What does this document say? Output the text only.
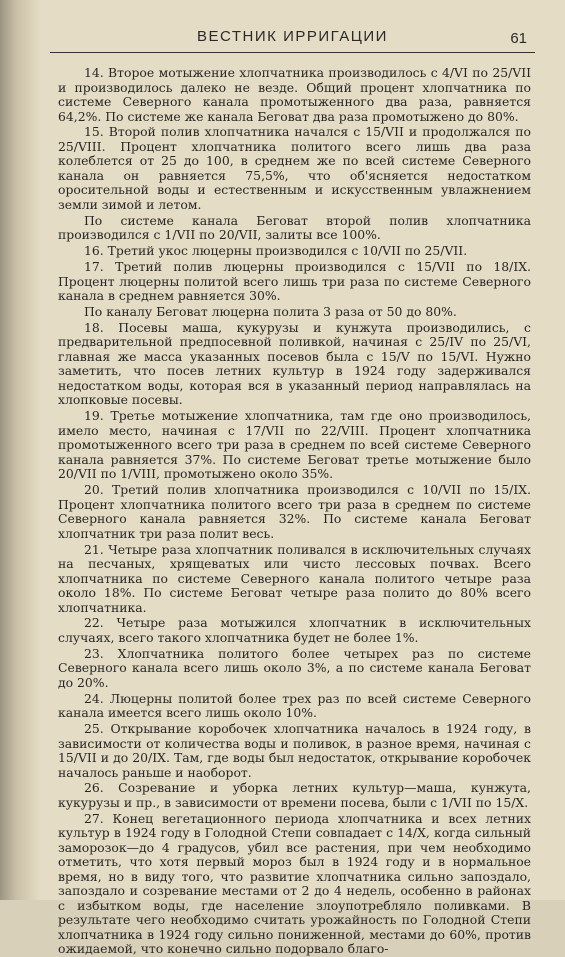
ВЕСТНИК ИРРИГАЦИИ	61

14. Второе мотыжение хлопчатника производилось с 4/VI по 25/VII и производилось далеко не везде. Общий процент хлопчатника по системе Северного канала промотыженного два раза, равняется 64,2%. По системе же канала Беговат два раза промотыжено до 80%.

15. Второй полив хлопчатника начался с 15/VII и продолжался по 25/VIII. Процент хлопчатника политого всего лишь два раза колеблется от 25 до 100, в среднем же по всей системе Северного канала он равняется 75,5%, что об'ясняется недостатком оросительной воды и естественным и искусственным увлажнением земли зимой и летом.

По системе канала Беговат второй полив хлопчатника производился с 1/VII по 20/VII, залиты все 100%.

16. Третий укос люцерны производился с 10/VII по 25/VII.

17. Третий полив люцерны производился с 15/VII по 18/IX. Процент люцерны политой всего лишь три раза по системе Северного канала в среднем равняется 30%.

По каналу Беговат люцерна полита 3 раза от 50 до 80%.

18. Посевы маша, кукурузы и кунжута производились, с предварительной предпосевной поливкой, начиная с 25/IV по 25/VI, главная же масса указанных посевов была с 15/V по 15/VI. Нужно заметить, что посев летних культур в 1924 году задерживался недостатком воды, которая вся в указанный период направлялась на хлопковые посевы.

19. Третье мотыжение хлопчатника, там где оно производилось, имело место, начиная с 17/VII по 22/VIII. Процент хлопчатника промотыженного всего три раза в среднем по всей системе Северного канала равняется 37%. По системе Беговат третье мотыжение было 20/VII по 1/VIII, промотыжено около 35%.

20. Третий полив хлопчатника производился с 10/VII по 15/IX. Процент хлопчатника политого всего три раза в среднем по системе Северного канала равняется 32%. По системе канала Беговат хлопчатник три раза полит весь.

21. Четыре раза хлопчатник поливался в исключительных случаях на песчаных, хрящеватых или чисто лессовых почвах. Всего хлопчатника по системе Северного канала политого четыре раза около 18%. По системе Беговат четыре раза полито до 80% всего хлопчатника.

22. Четыре раза мотыжился хлопчатник в исключительных случаях, всего такого хлопчатника будет не более 1%.

23. Хлопчатника политого более четырех раз по системе Северного канала всего лишь около 3%, а по системе канала Беговат до 20%.

24. Люцерны политой более трех раз по всей системе Северного канала имеется всего лишь около 10%.

25. Открывание коробочек хлопчатника началось в 1924 году, в зависимости от количества воды и поливок, в разное время, начиная с 15/VII и до 20/IX. Там, где воды был недостаток, открывание коробочек началось раньше и наоборот.

26. Созревание и уборка летних культур—маша, кунжута, кукурузы и пр., в зависимости от времени посева, были с 1/VII по 15/X.

27. Конец вегетационного периода хлопчатника и всех летних культур в 1924 году в Голодной Степи совпадает с 14/X, когда сильный заморозок—до 4 градусов, убил все растения, при чем необходимо отметить, что хотя первый мороз был в 1924 году и в нормальное время, но в виду того, что развитие хлопчатника сильно запоздало, запоздало и созревание местами от 2 до 4 недель, особенно в районах с избытком воды, где население злоупотребляло поливками. В результате чего необходимо считать урожайность по Голодной Степи хлопчатника в 1924 году сильно пониженной, местами до 60%, против ожидаемой, что конечно сильно подорвало благо-
